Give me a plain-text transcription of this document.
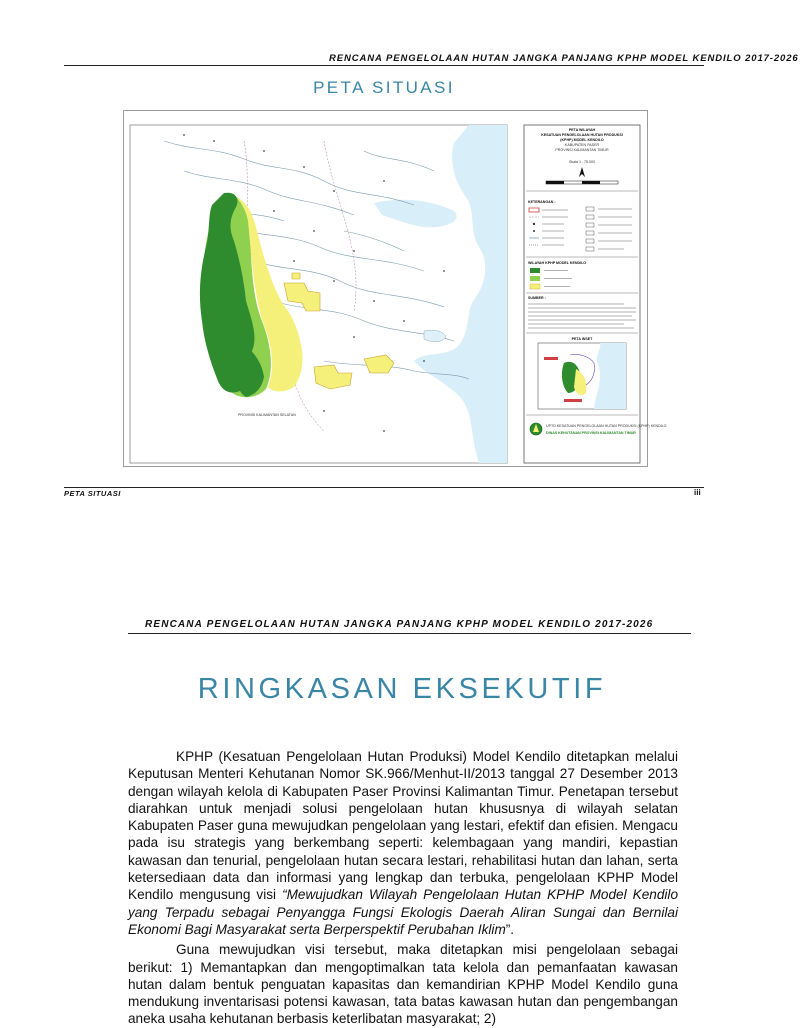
RENCANA PENGELOLAAN HUTAN JANGKA PANJANG KPHP MODEL KENDILO 2017-2026
PETA SITUASI
PROVINSI KALIMANTAN SELATAN
PETA WILAYAH
KESATUAN PENGELOLAAN HUTAN PRODUKSI
(KPHP) MODEL KENDILO
KABUPATEN PASER
PROVINSI KALIMANTAN TIMUR
Skala 1 : 75.000
KETERANGAN :
WILAYAH KPHP MODEL KENDILO
SUMBER :
PETA INSET
UPTD KESATUAN PENGELOLAAN HUTAN PRODUKSI (KPHP) KENDILO
DINAS KEHUTANAN PROVINSI KALIMANTAN TIMUR
PETA SITUASI	iii
RENCANA PENGELOLAAN HUTAN JANGKA PANJANG KPHP MODEL KENDILO 2017-2026
RINGKASAN EKSEKUTIF

KPHP (Kesatuan Pengelolaan Hutan Produksi) Model Kendilo ditetapkan melalui Keputusan Menteri Kehutanan Nomor SK.966/Menhut-II/2013 tanggal 27 Desember 2013 dengan wilayah kelola di Kabupaten Paser Provinsi Kalimantan Timur. Penetapan tersebut diarahkan untuk menjadi solusi pengelolaan hutan khususnya di wilayah selatan Kabupaten Paser guna mewujudkan pengelolaan yang lestari, efektif dan efisien. Mengacu pada isu strategis yang berkembang seperti: kelembagaan yang mandiri, kepastian kawasan dan tenurial, pengelolaan hutan secara lestari, rehabilitasi hutan dan lahan, serta ketersediaan data dan informasi yang lengkap dan terbuka, pengelolaan KPHP Model Kendilo mengusung visi “Mewujudkan Wilayah Pengelolaan Hutan KPHP Model Kendilo yang Terpadu sebagai Penyangga Fungsi Ekologis Daerah Aliran Sungai dan Bernilai Ekonomi Bagi Masyarakat serta Berperspektif Perubahan Iklim”.

Guna mewujudkan visi tersebut, maka ditetapkan misi pengelolaan sebagai berikut: 1) Memantapkan dan mengoptimalkan tata kelola dan pemanfaatan kawasan hutan dalam bentuk penguatan kapasitas dan kemandirian KPHP Model Kendilo guna mendukung inventarisasi potensi kawasan, tata batas kawasan hutan dan pengembangan aneka usaha kehutanan berbasis keterlibatan masyarakat; 2)
